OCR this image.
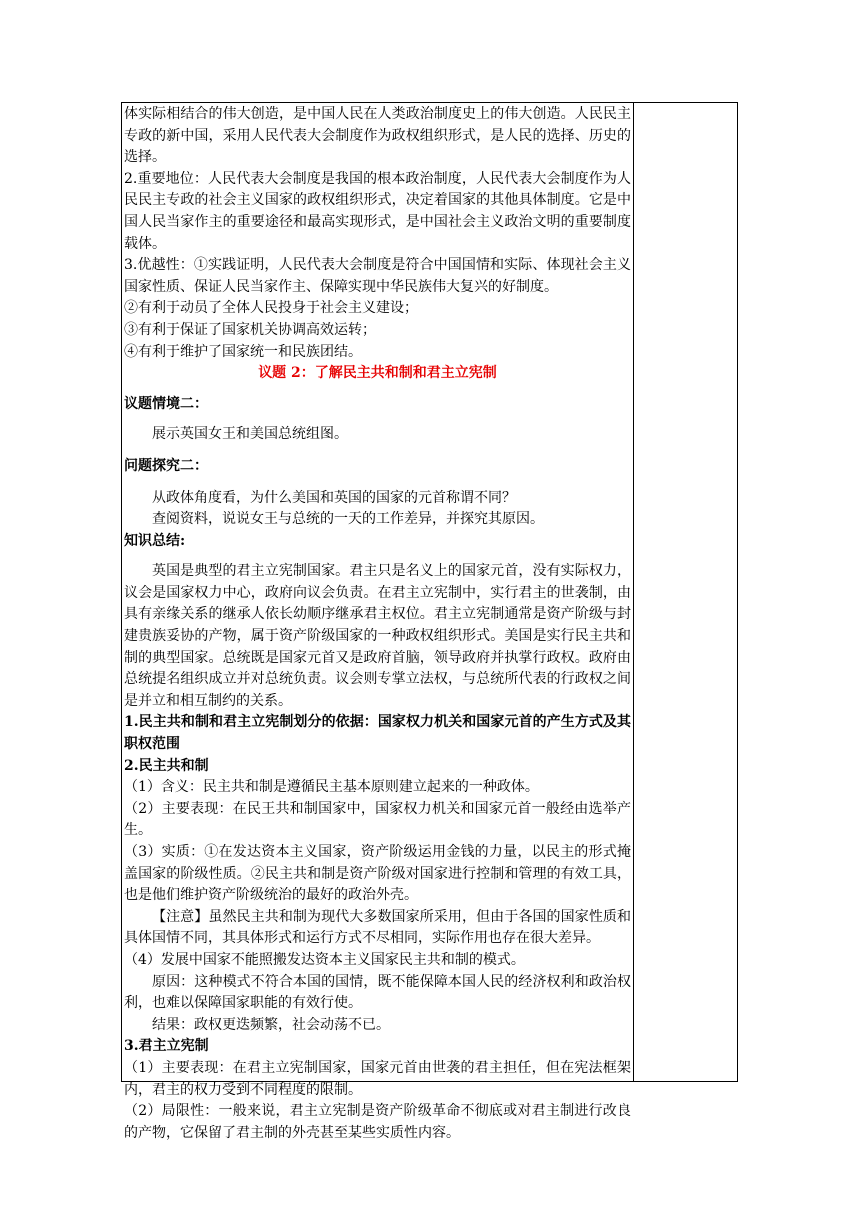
体实际相结合的伟大创造，是中国人民在人类政治制度史上的伟大创造。人民民主专政的新中国，采用人民代表大会制度作为政权组织形式，是人民的选择、历史的选择。

2.重要地位：人民代表大会制度是我国的根本政治制度，人民代表大会制度作为人民民主专政的社会主义国家的政权组织形式，决定着国家的其他具体制度。它是中国人民当家作主的重要途径和最高实现形式，是中国社会主义政治文明的重要制度载体。

3.优越性：①实践证明，人民代表大会制度是符合中国国情和实际、体现社会主义国家性质、保证人民当家作主、保障实现中华民族伟大复兴的好制度。

②有利于动员了全体人民投身于社会主义建设；

③有利于保证了国家机关协调高效运转；

④有利于维护了国家统一和民族团结。

议题 2：了解民主共和制和君主立宪制

议题情境二：

展示英国女王和美国总统组图。

问题探究二：

从政体角度看，为什么美国和英国的国家的元首称谓不同？

查阅资料，说说女王与总统的一天的工作差异，并探究其原因。

知识总结:

英国是典型的君主立宪制国家。君主只是名义上的国家元首，没有实际权力，议会是国家权力中心，政府向议会负责。在君主立宪制中，实行君主的世袭制，由具有亲缘关系的继承人依长幼顺序继承君主权位。君主立宪制通常是资产阶级与封建贵族妥协的产物，属于资产阶级国家的一种政权组织形式。美国是实行民主共和制的典型国家。总统既是国家元首又是政府首脑，领导政府并执掌行政权。政府由总统提名组织成立并对总统负责。议会则专掌立法权，与总统所代表的行政权之间是并立和相互制约的关系。

1.民主共和制和君主立宪制划分的依据：国家权力机关和国家元首的产生方式及其职权范围

2.民主共和制

（1）含义：民主共和制是遵循民主基本原则建立起来的一种政体。

（2）主要表现：在民王共和制国家中，国家权力机关和国家元首一般经由选举产生。

（3）实质：①在发达资本主义国家，资产阶级运用金钱的力量，以民主的形式掩盖国家的阶级性质。②民主共和制是资产阶级对国家进行控制和管理的有效工具，也是他们维护资产阶级统治的最好的政治外壳。

【注意】虽然民主共和制为现代大多数国家所采用，但由于各国的国家性质和具体国情不同，其具体形式和运行方式不尽相同，实际作用也存在很大差异。

（4）发展中国家不能照搬发达资本主义国家民主共和制的模式。

原因：这种模式不符合本国的国情，既不能保障本国人民的经济权利和政治权利，也难以保障国家职能的有效行使。

结果：政权更迭频繁，社会动荡不已。

3.君主立宪制

（1）主要表现：在君主立宪制国家，国家元首由世袭的君主担任，但在宪法框架内，君主的权力受到不同程度的限制。

（2）局限性：一般来说，君主立宪制是资产阶级革命不彻底或对君主制进行改良的产物，它保留了君主制的外壳甚至某些实质性内容。
